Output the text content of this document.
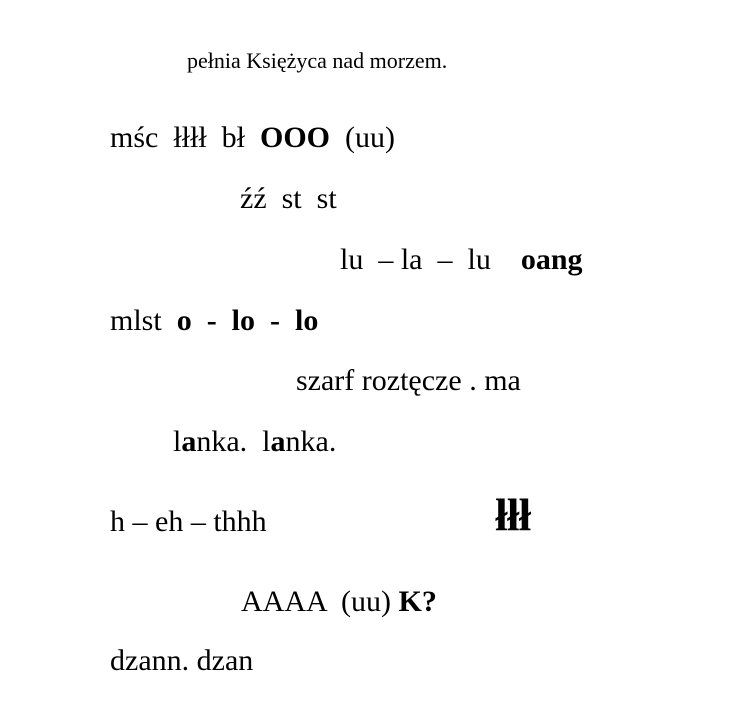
pełnia Księżyca nad morzem.
mśc  łłłł  bł  OOO  (uu)
źź  st  st
lu  – la  –  lu    oang
mlst  o  -  lo  -  lo
szarf roztęcze . ma
lanka.  lanka.
h – eh – thhh	łłł
AAAA  (uu) K?
dzann. dzan
